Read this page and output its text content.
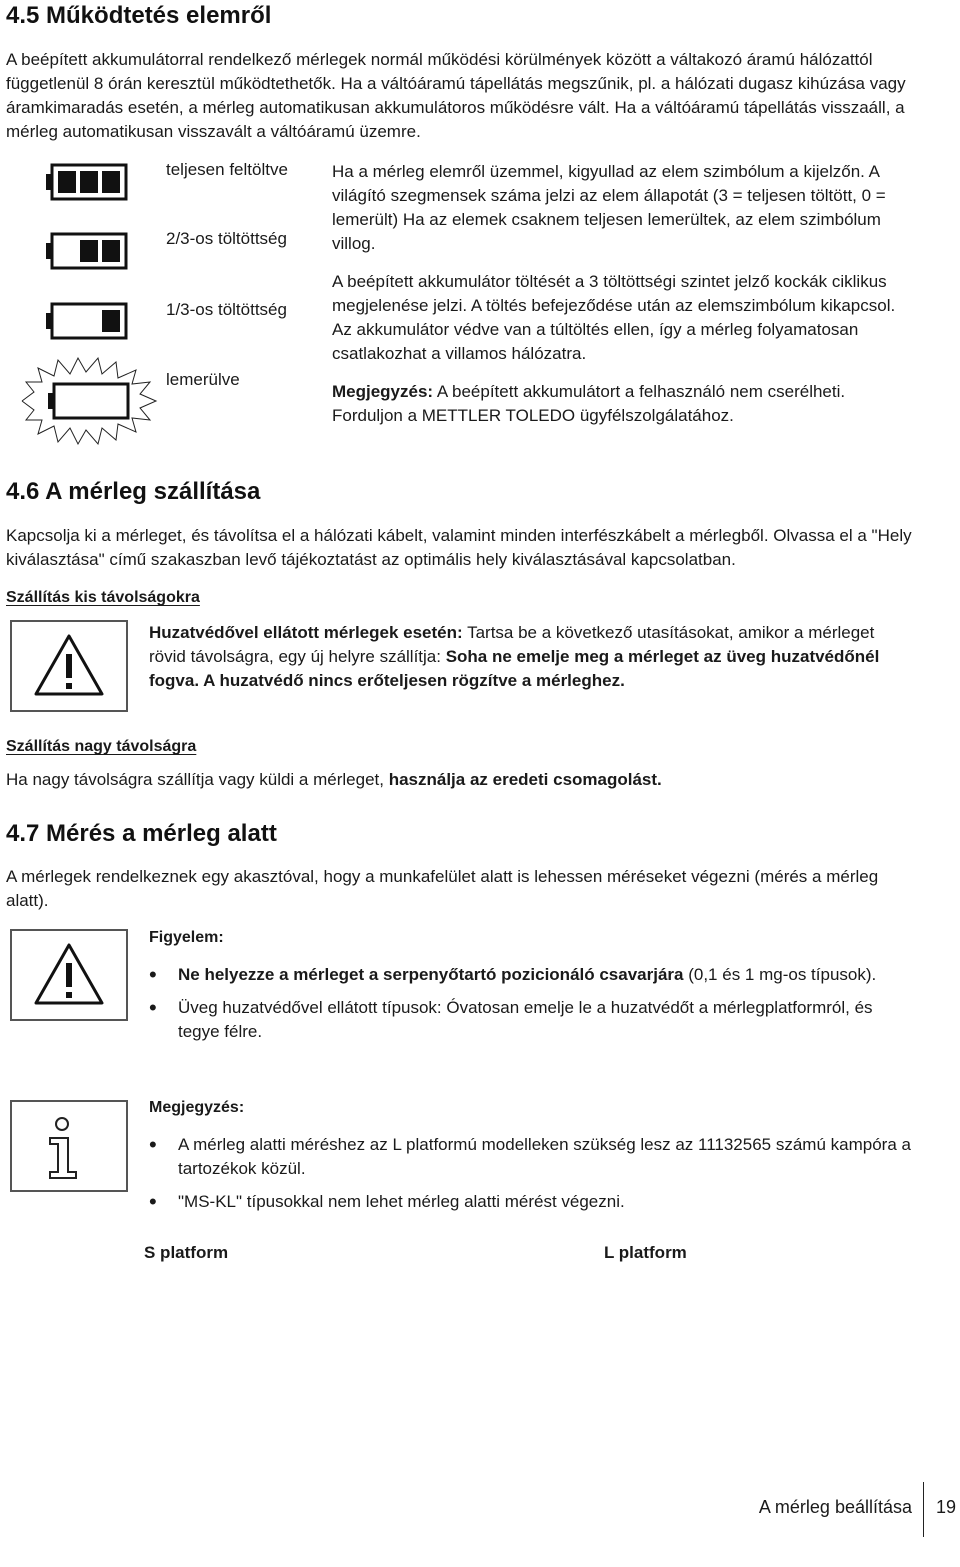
4.5 Működtetés elemről

A beépített akkumulátorral rendelkező mérlegek normál működési körülmények között a váltakozó áramú hálózattól függetlenül 8 órán keresztül működtethetők. Ha a váltóáramú tápellátás megszűnik, pl. a hálózati dugasz kihúzása vagy áramkimaradás esetén, a mérleg automatikusan akkumulátoros működésre vált. Ha a váltóáramú tápellátás visszaáll, a mérleg automatikusan visszavált a váltóáramú üzemre.

teljesen feltöltve
2/3-os töltöttség
1/3-os töltöttség
lemerülve

Ha a mérleg elemről üzemmel, kigyullad az elem szimbólum a kijelzőn. A világító szegmensek száma jelzi az elem állapotát (3 = teljesen töltött, 0 = lemerült) Ha az elemek csaknem teljesen lemerültek, az elem szimbólum villog.

A beépített akkumulátor töltését a 3 töltöttségi szintet jelző kockák ciklikus megjelenése jelzi. A töltés befejeződése után az elemszimbólum kikapcsol. Az akkumulátor védve van a túltöltés ellen, így a mérleg folyamatosan csatlakozhat a villamos hálózatra.

Megjegyzés: A beépített akkumulátort a felhasználó nem cserélheti. Forduljon a METTLER TOLEDO ügyfélszolgálatához.

4.6 A mérleg szállítása

Kapcsolja ki a mérleget, és távolítsa el a hálózati kábelt, valamint minden interfészkábelt a mérlegből. Olvassa el a "Hely kiválasztása" című szakaszban levő tájékoztatást az optimális hely kiválasztásával kapcsolatban.

Szállítás kis távolságokra

Huzatvédővel ellátott mérlegek esetén: Tartsa be a következő utasításokat, amikor a mérleget rövid távolságra, egy új helyre szállítja: Soha ne emelje meg a mérleget az üveg huzatvédőnél fogva. A huzatvédő nincs erőteljesen rögzítve a mérleghez.

Szállítás nagy távolságra

Ha nagy távolságra szállítja vagy küldi a mérleget, használja az eredeti csomagolást.

4.7 Mérés a mérleg alatt

A mérlegek rendelkeznek egy akasztóval, hogy a munkafelület alatt is lehessen méréseket végezni (mérés a mérleg alatt).

Figyelem:
• Ne helyezze a mérleget a serpenyőtartó pozicionáló csavarjára (0,1 és 1 mg-os típusok).
• Üveg huzatvédővel ellátott típusok: Óvatosan emelje le a huzatvédőt a mérlegplatformról, és tegye félre.
Megjegyzés:
• A mérleg alatti méréshez az L platformú modelleken szükség lesz az 11132565 számú kampóra a tartozékok közül.
• "MS-KL" típusokkal nem lehet mérleg alatti mérést végezni.
S platform	L platform
A mérleg beállítása 19
